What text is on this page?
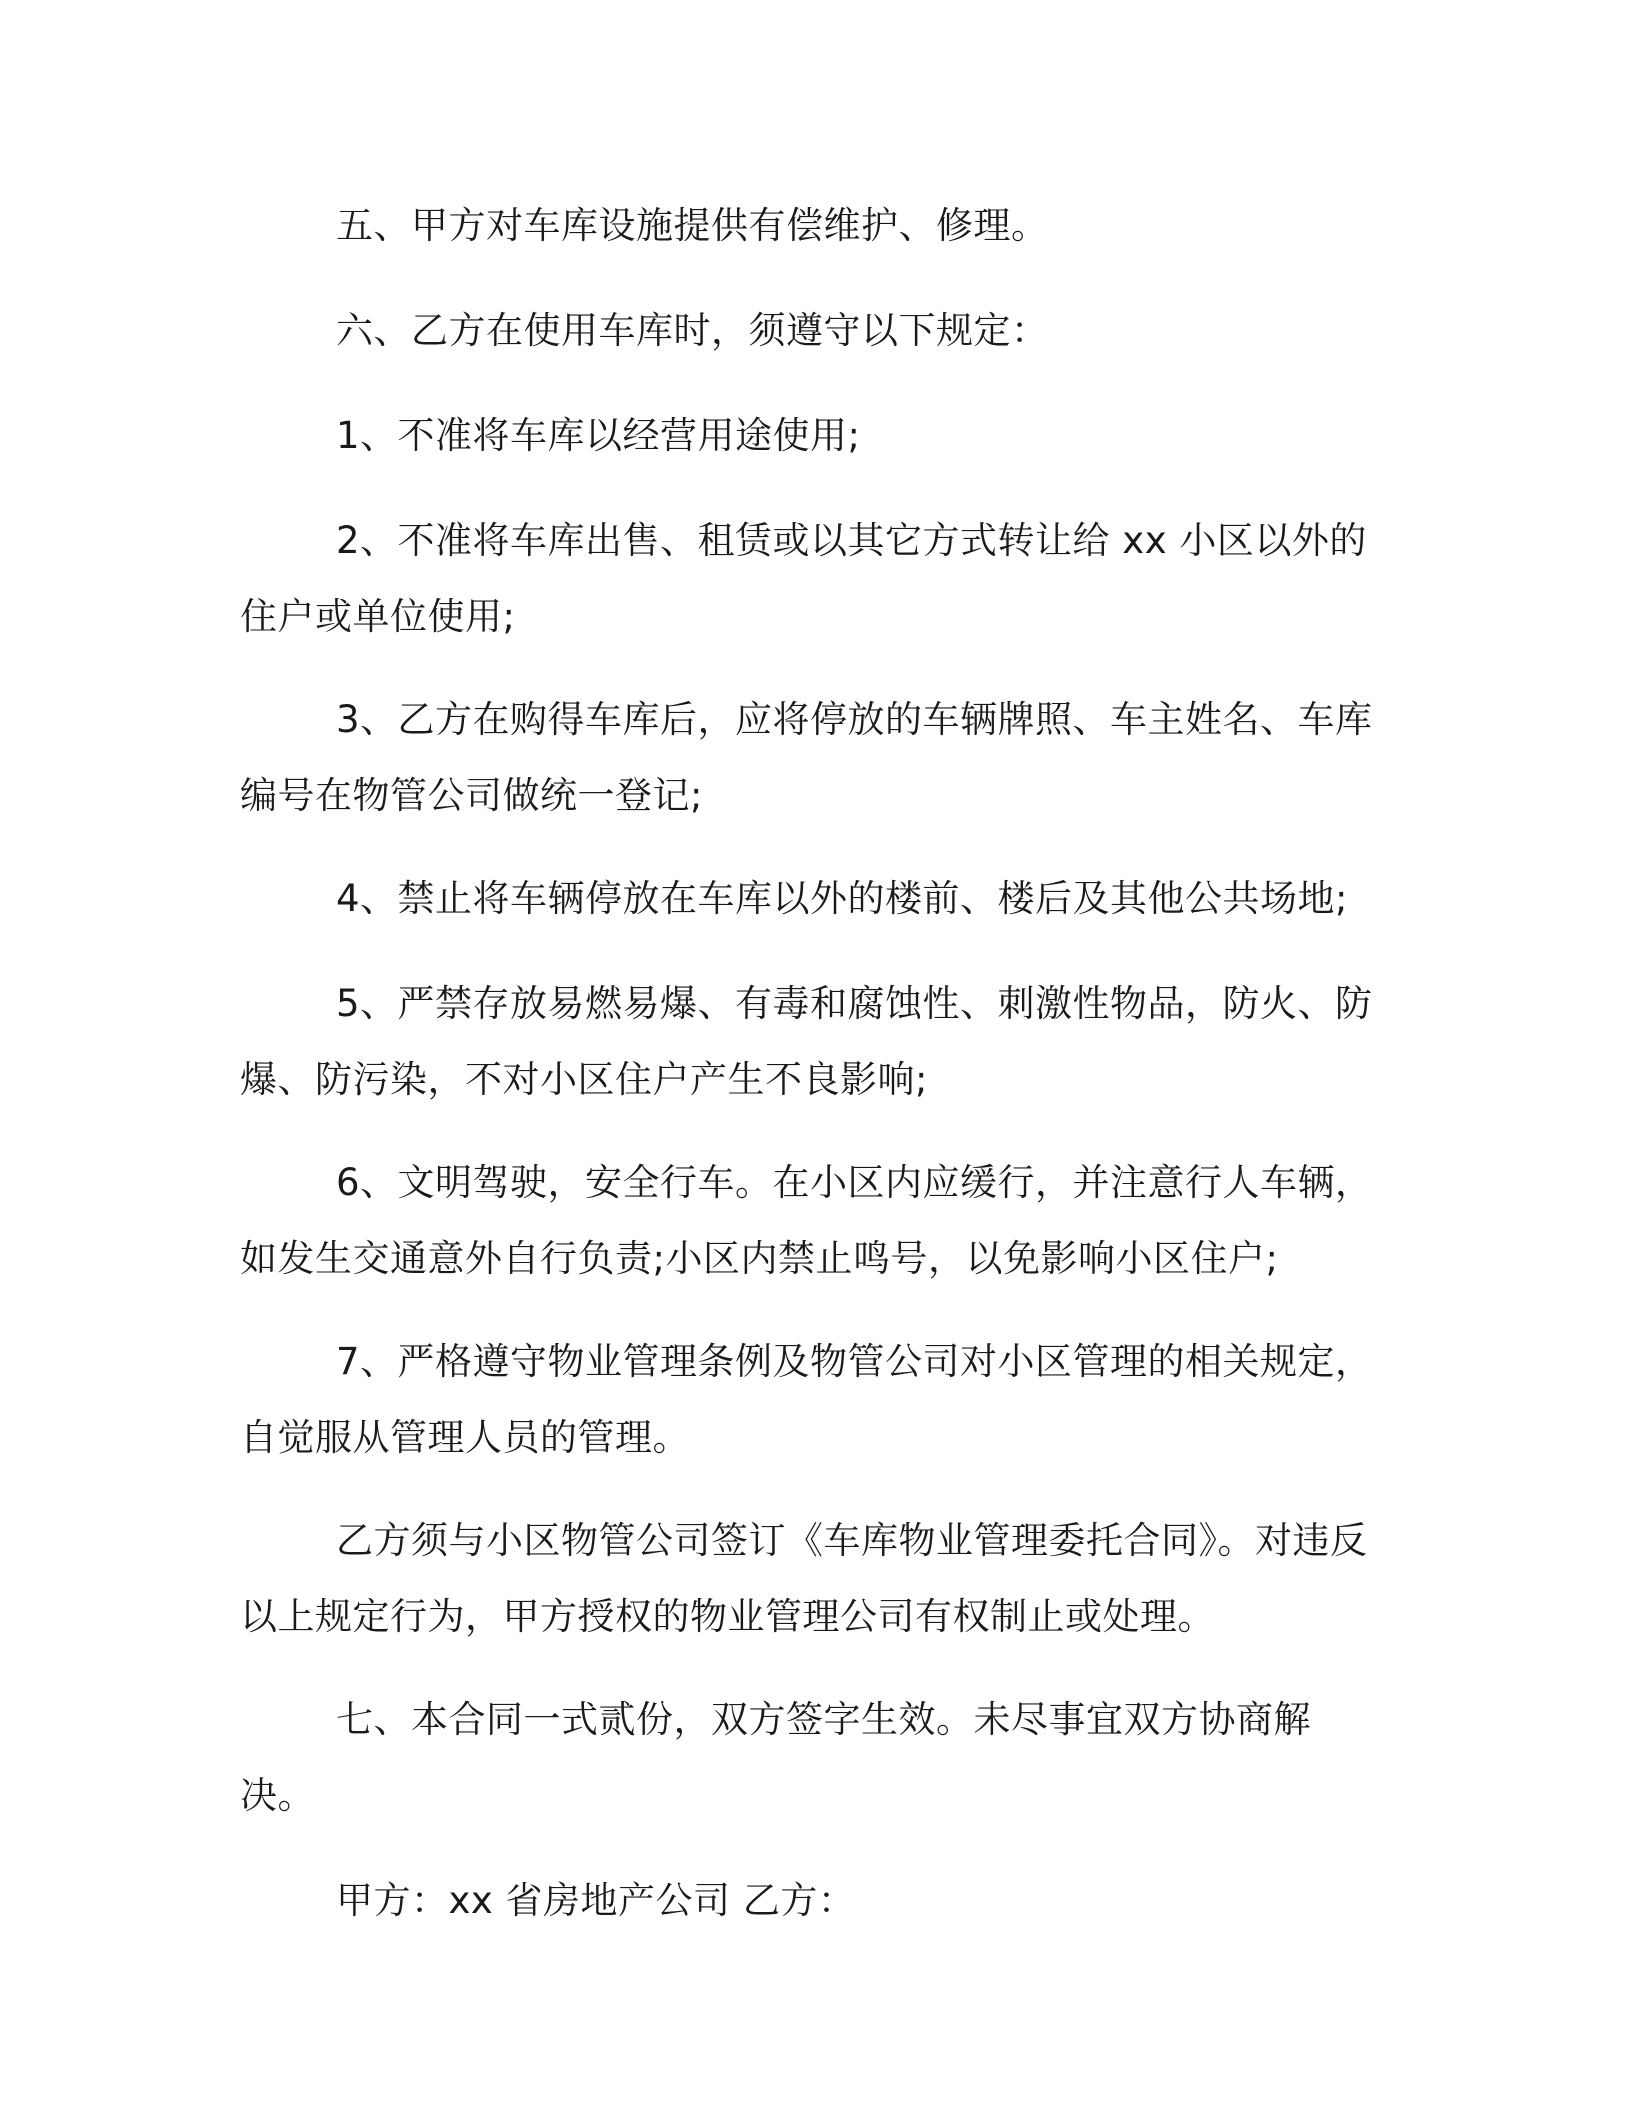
五、甲方对车库设施提供有偿维护、修理。

六、乙方在使用车库时，须遵守以下规定：

1、不准将车库以经营用途使用;

2、不准将车库出售、租赁或以其它方式转让给 xx 小区以外的住户或单位使用;

3、乙方在购得车库后，应将停放的车辆牌照、车主姓名、车库编号在物管公司做统一登记;

4、禁止将车辆停放在车库以外的楼前、楼后及其他公共场地;

5、严禁存放易燃易爆、有毒和腐蚀性、刺激性物品，防火、防爆、防污染，不对小区住户产生不良影响;

6、文明驾驶，安全行车。在小区内应缓行，并注意行人车辆，如发生交通意外自行负责;小区内禁止鸣号，以免影响小区住户;

7、严格遵守物业管理条例及物管公司对小区管理的相关规定，自觉服从管理人员的管理。

乙方须与小区物管公司签订《车库物业管理委托合同》。对违反以上规定行为，甲方授权的物业管理公司有权制止或处理。

七、本合同一式贰份，双方签字生效。未尽事宜双方协商解决。

甲方：xx 省房地产公司 乙方：
